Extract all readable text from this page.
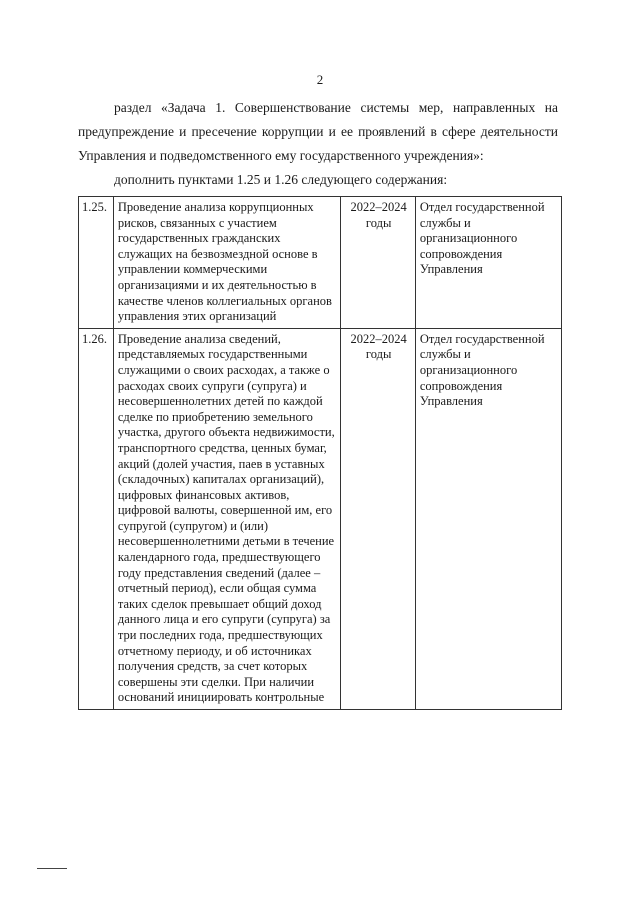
2
раздел «Задача 1. Совершенствование системы мер, направленных на предупреждение и пресечение коррупции и ее проявлений в сфере деятельности Управления и подведомственного ему государственного учреждения»:
дополнить пунктами 1.25 и 1.26 следующего содержания:
1.25.	Проведение анализа коррупционных рисков, связанных с участием государственных гражданских служащих на безвозмездной основе в управлении коммерческими организациями и их деятельностью в качестве членов коллегиальных органов управления этих организаций	2022–2024 годы	Отдел государственной службы и организационного сопровождения Управления
1.26.	Проведение анализа сведений, представляемых государственными служащими о своих расходах, а также о расходах своих супруги (супруга) и несовершеннолетних детей по каждой сделке по приобретению земельного участка, другого объекта недвижимости, транспортного средства, ценных бумаг, акций (долей участия, паев в уставных (складочных) капиталах организаций), цифровых финансовых активов, цифровой валюты, совершенной им, его супругой (супругом) и (или) несовершеннолетними детьми в течение календарного года, предшествующего году представления сведений (далее – отчетный период), если общая сумма таких сделок превышает общий доход данного лица и его супруги (супруга) за три последних года, предшествующих отчетному периоду, и об источниках получения средств, за счет которых совершены эти сделки. При наличии оснований инициировать контрольные	2022–2024 годы	Отдел государственной службы и организационного сопровождения Управления
